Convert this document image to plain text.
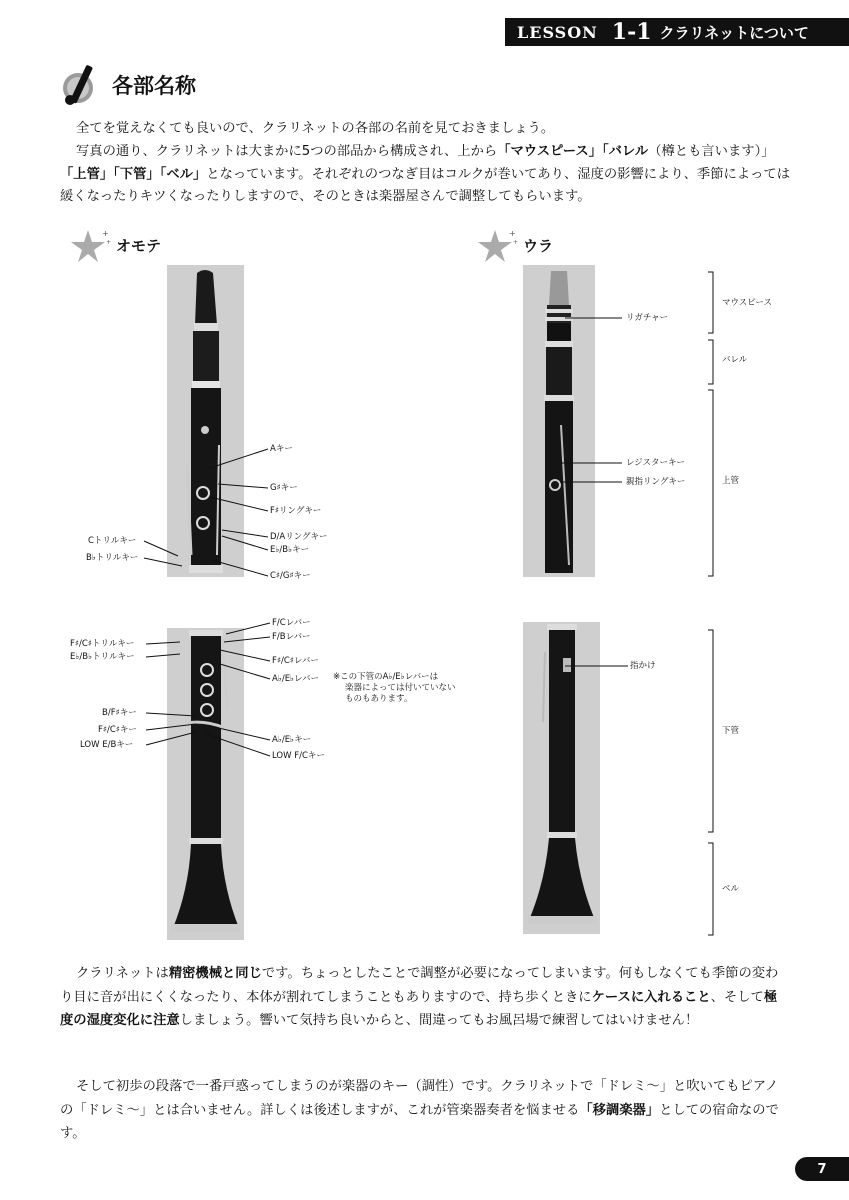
LESSON 1-1 クラリネットについて
各部名称

全てを覚えなくても良いので、クラリネットの各部の名前を見ておきましょう。

写真の通り、クラリネットは大まかに5つの部品から構成され、上から「マウスピース」「バレル（樽とも言います）」「上管」「下管」「ベル」となっています。それぞれのつなぎ目はコルクが巻いてあり、湿度の影響により、季節によっては緩くなったりキツくなったりしますので、そのときは楽器屋さんで調整してもらいます。

+
+ オモテ
+
+ ウラ
Aキー
G♯キー
F♯リングキー
D/Aリングキー
E♭/B♭キー
C♯/G♯キー
Cトリルキー
B♭トリルキー
F/Cレバー
F/Bレバー
F♯/C♯レバー
A♭/E♭レバー
F♯/C♯トリルキー
E♭/B♭トリルキー
B/F♯キー
F♯/C♯キー
LOW E/Bキー	A♭/E♭キー
LOW F/Cキー
※この下管のA♭/E♭レバーは
楽器によっては付いていない
ものもあります。
リガチャー
レジスターキー
親指リングキー
指かけ
マウスピース
バレル
上管
下管
ベル

クラリネットは精密機械と同じです。ちょっとしたことで調整が必要になってしまいます。何もしなくても季節の変わり目に音が出にくくなったり、本体が割れてしまうこともありますので、持ち歩くときにケースに入れること、そして極度の湿度変化に注意しましょう。響いて気持ち良いからと、間違ってもお風呂場で練習してはいけません！

そして初歩の段落で一番戸惑ってしまうのが楽器のキー（調性）です。クラリネットで「ドレミ～」と吹いてもピアノの「ドレミ～」とは合いません。詳しくは後述しますが、これが管楽器奏者を悩ませる「移調楽器」としての宿命なのです。

7
